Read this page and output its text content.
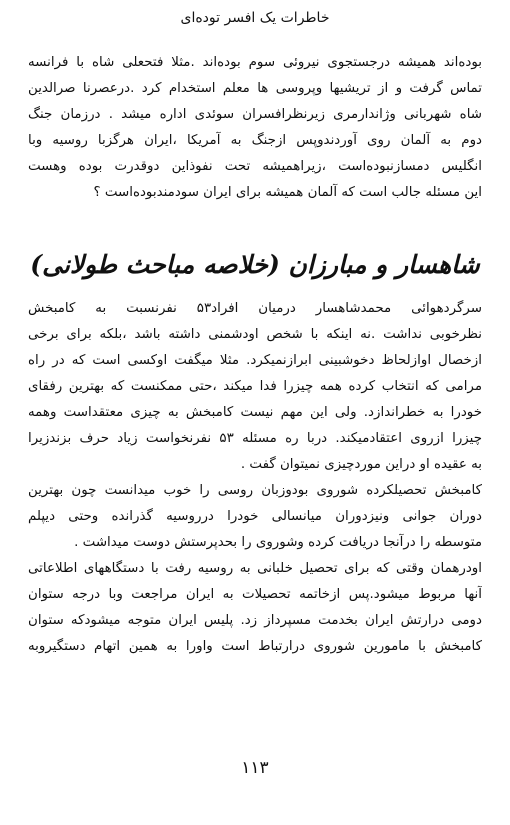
خاطرات یک افسر توده‌ای
بوده‌اند همیشه درجستجوی نیروئی سوم بوده‌اند .مثلا فتحعلی شاه با فرانسه
تماس گرفت و از تریشیها وپروسی ها معلم استخدام کرد .درعصرنا صرالدین
شاه شهربانی وژاندارمری زیرنظرافسران سوئدی اداره میشد . درزمان جنگ
دوم به آلمان روی آوردندوپس ازجنگ به آمریکا ،ایران هرگزبا روسیه وبا
انگلیس دمسازنبوده‌است ،زیراهمیشه تحت نفوذاین دوقدرت بوده وهست
این مسئله جالب است که آلمان همیشه برای ایران سودمندبوده‌است ؟
شاهسار و مبارزان (خلاصه مباحث طولانی)
سرگردهوائی محمدشاهسار درمیان افراد۵۳ نفرنسبت به کامبخش
نظرخوبی نداشت .نه اینکه با شخص اودشمنی داشته باشد ،بلکه برای برخی
ازخصال اوازلحاظ دخوشبینی ابرازنمیکرد. مثلا میگفت اوکسی است که در راه
مرامی که انتخاب کرده همه چیزرا فدا میکند ،حتی ممکنست که بهترین رفقای
خودرا به خطراندازد. ولی این مهم نیست کامبخش به چیزی معتقداست وهمه
چیزرا ازروی اعتقادمیکند. دربا ره مسئله ۵۳ نفرنخواست زیاد حرف بزندزیرا
به عقیده او دراین موردچیزی نمیتوان گفت .
کامبخش تحصیلکرده شوروی بودوزبان روسی را خوب میدانست چون بهترین
دوران جوانی ونیزدوران میانسالی خودرا درروسیه گذرانده وحتی دیپلم
متوسطه را درآنجا دریافت کرده وشوروی را بحدپرستش دوست میداشت .
اودرهمان وقتی که برای تحصیل خلبانی به روسیه رفت با دستگاههای اطلاعاتی
آنها مربوط میشود.پس ازخاتمه تحصیلات به ایران مراجعت وبا درجه ستوان
دومی درارتش ایران بخدمت مسپرداز زد. پلیس ایران متوجه میشودکه ستوان
کامبخش با مامورین شوروی درارتباط است واورا به همین اتهام دستگیروبه
۱۱۳
